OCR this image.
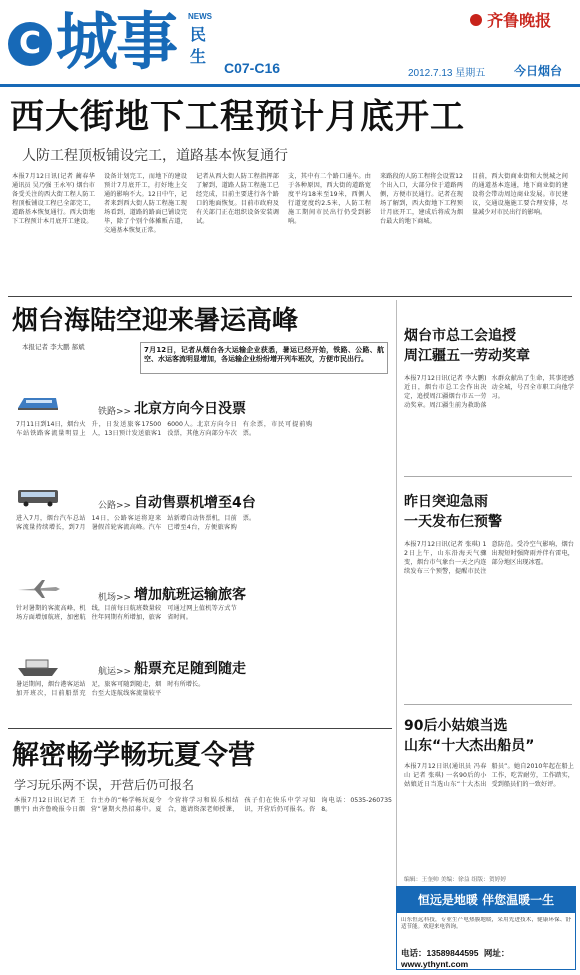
C 城事 NEWS
民
生
C07-C16
齐鲁晚报
2012.7.13 星期五 今日烟台
西大街地下工程预计月底开工
人防工程顶板铺设完工，道路基本恢复通行
本报7月12日讯(记者 蔺春华 通讯员 吴乃强 王永军) 烟台市备受关注的西大街工程人防工程顶板铺设工程已全部完工，道路基本恢复通行。西大街地下工程预计本月底开工建设。
设备计划完工，而地下的建设预计7月底开工，打好地上交通的影响不大。12日中午，记者来到西大街人防工程施工现场看到，道路的路面已铺设完毕，除了个别个体摊贩占道，交通基本恢复正常。
记者从西大街人防工程指挥部了解到，道路人防工程施工已经完成，目前主要进行各个路口的地面恢复。目前市政府及有关部门正在组织设备安装调试。
支，其中有二个路口通车。由于各种原因，西大街的道路宽度平均18米至19米，西侧人行道宽度约2.5米，人防工程施工期间市民出行仍受到影响。
来路段的人防工程将会设置12个出入口，大部分位于道路两侧，方便市民通行。记者在现场了解到，西大街地下工程预计月底开工，建成后将成为烟台最大的地下商城。
目前，西大街商业街和大悦城之间的通道基本连通，地下商业街的建设将会带动周边商业发展。市民建议，交通设施施工要合理安排，尽量减少对市民出行的影响。
烟台海陆空迎来暑运高峰
本报记者 李大鹏 郝斌	7月12日，记者从烟台各大运输企业获悉，暑运已经开始，铁路、公路、航空、水运客流明显增加，各运输企业纷纷增开列车班次，方便市民出行。
铁路>> 北京方向今日没票
7月11日到14日，烟台火车站铁路客流量明显上升，日发送旅客17500人，13日预计发送旅客16000人。北京方向今日没票，其他方向部分车次有余票，市民可提前购票。
公路>> 自动售票机增至4台
进入7月，烟台汽车总站客流量持续增长，到7月14日，公路客运将迎来暑假首轮客流高峰。汽车站新增自动售票机，目前已增至4台，方便旅客购票。
机场>> 增加航班运输旅客
针对暑期的客流高峰，机场方面增加航班，加密航线，目前每日航班数量较往年同期有所增加，旅客可通过网上值机等方式节省时间。
航运>> 船票充足随到随走
暑运期间，烟台港客运站加开班次，目前船票充足，旅客可随到随走，烟台至大连航线客流量较平时有所增长。
烟台市总工会追授
周江疆五一劳动奖章
本报7月12日讯(记者 李大鹏) 近日，烟台市总工会作出决定，追授周江疆烟台市五一劳动奖章。周江疆生前为救助落水群众献出了生命，其事迹感动全城，号召全市职工向他学习。
昨日突迎急雨
一天发布仨预警
本报7月12日讯(记者 张琪) 12日上午，山东沿海天气骤变，烟台市气象台一天之内连续发布三个预警，提醒市民注意防范。受冷空气影响，烟台出现短时强降雨并伴有雷电，部分地区出现冰雹。
90后小姑娘当选
山东“十大杰出船员”
本报7月12日讯(通讯员 冯春山 记者 张琪) 一名90后的小姑娘近日当选山东“十大杰出船员”。她自2010年起在船上工作，吃苦耐劳，工作踏实，受到船员们的一致好评。
编辑：王奎帅 美编：徐益 组版：贺婷婷
解密畅学畅玩夏令营
学习玩乐两不误，开营后仍可报名
本报7月12日讯(记者 王鹏宇) 由齐鲁晚报今日烟台主办的“畅学畅玩夏令营”暑期火热招募中。夏令营将学习和娱乐相结合，邀请资深老师授课，孩子们在快乐中学习知识，开营后仍可报名。咨询电话：0535-2607358。
恒远是地暖 伴您温暖一生
山东恒远科技，专业生产电热膜地暖，采用先进技术，健康环保、舒适节能。欢迎来电咨询。
电话：13589844595 网址：www.ythynt.com
